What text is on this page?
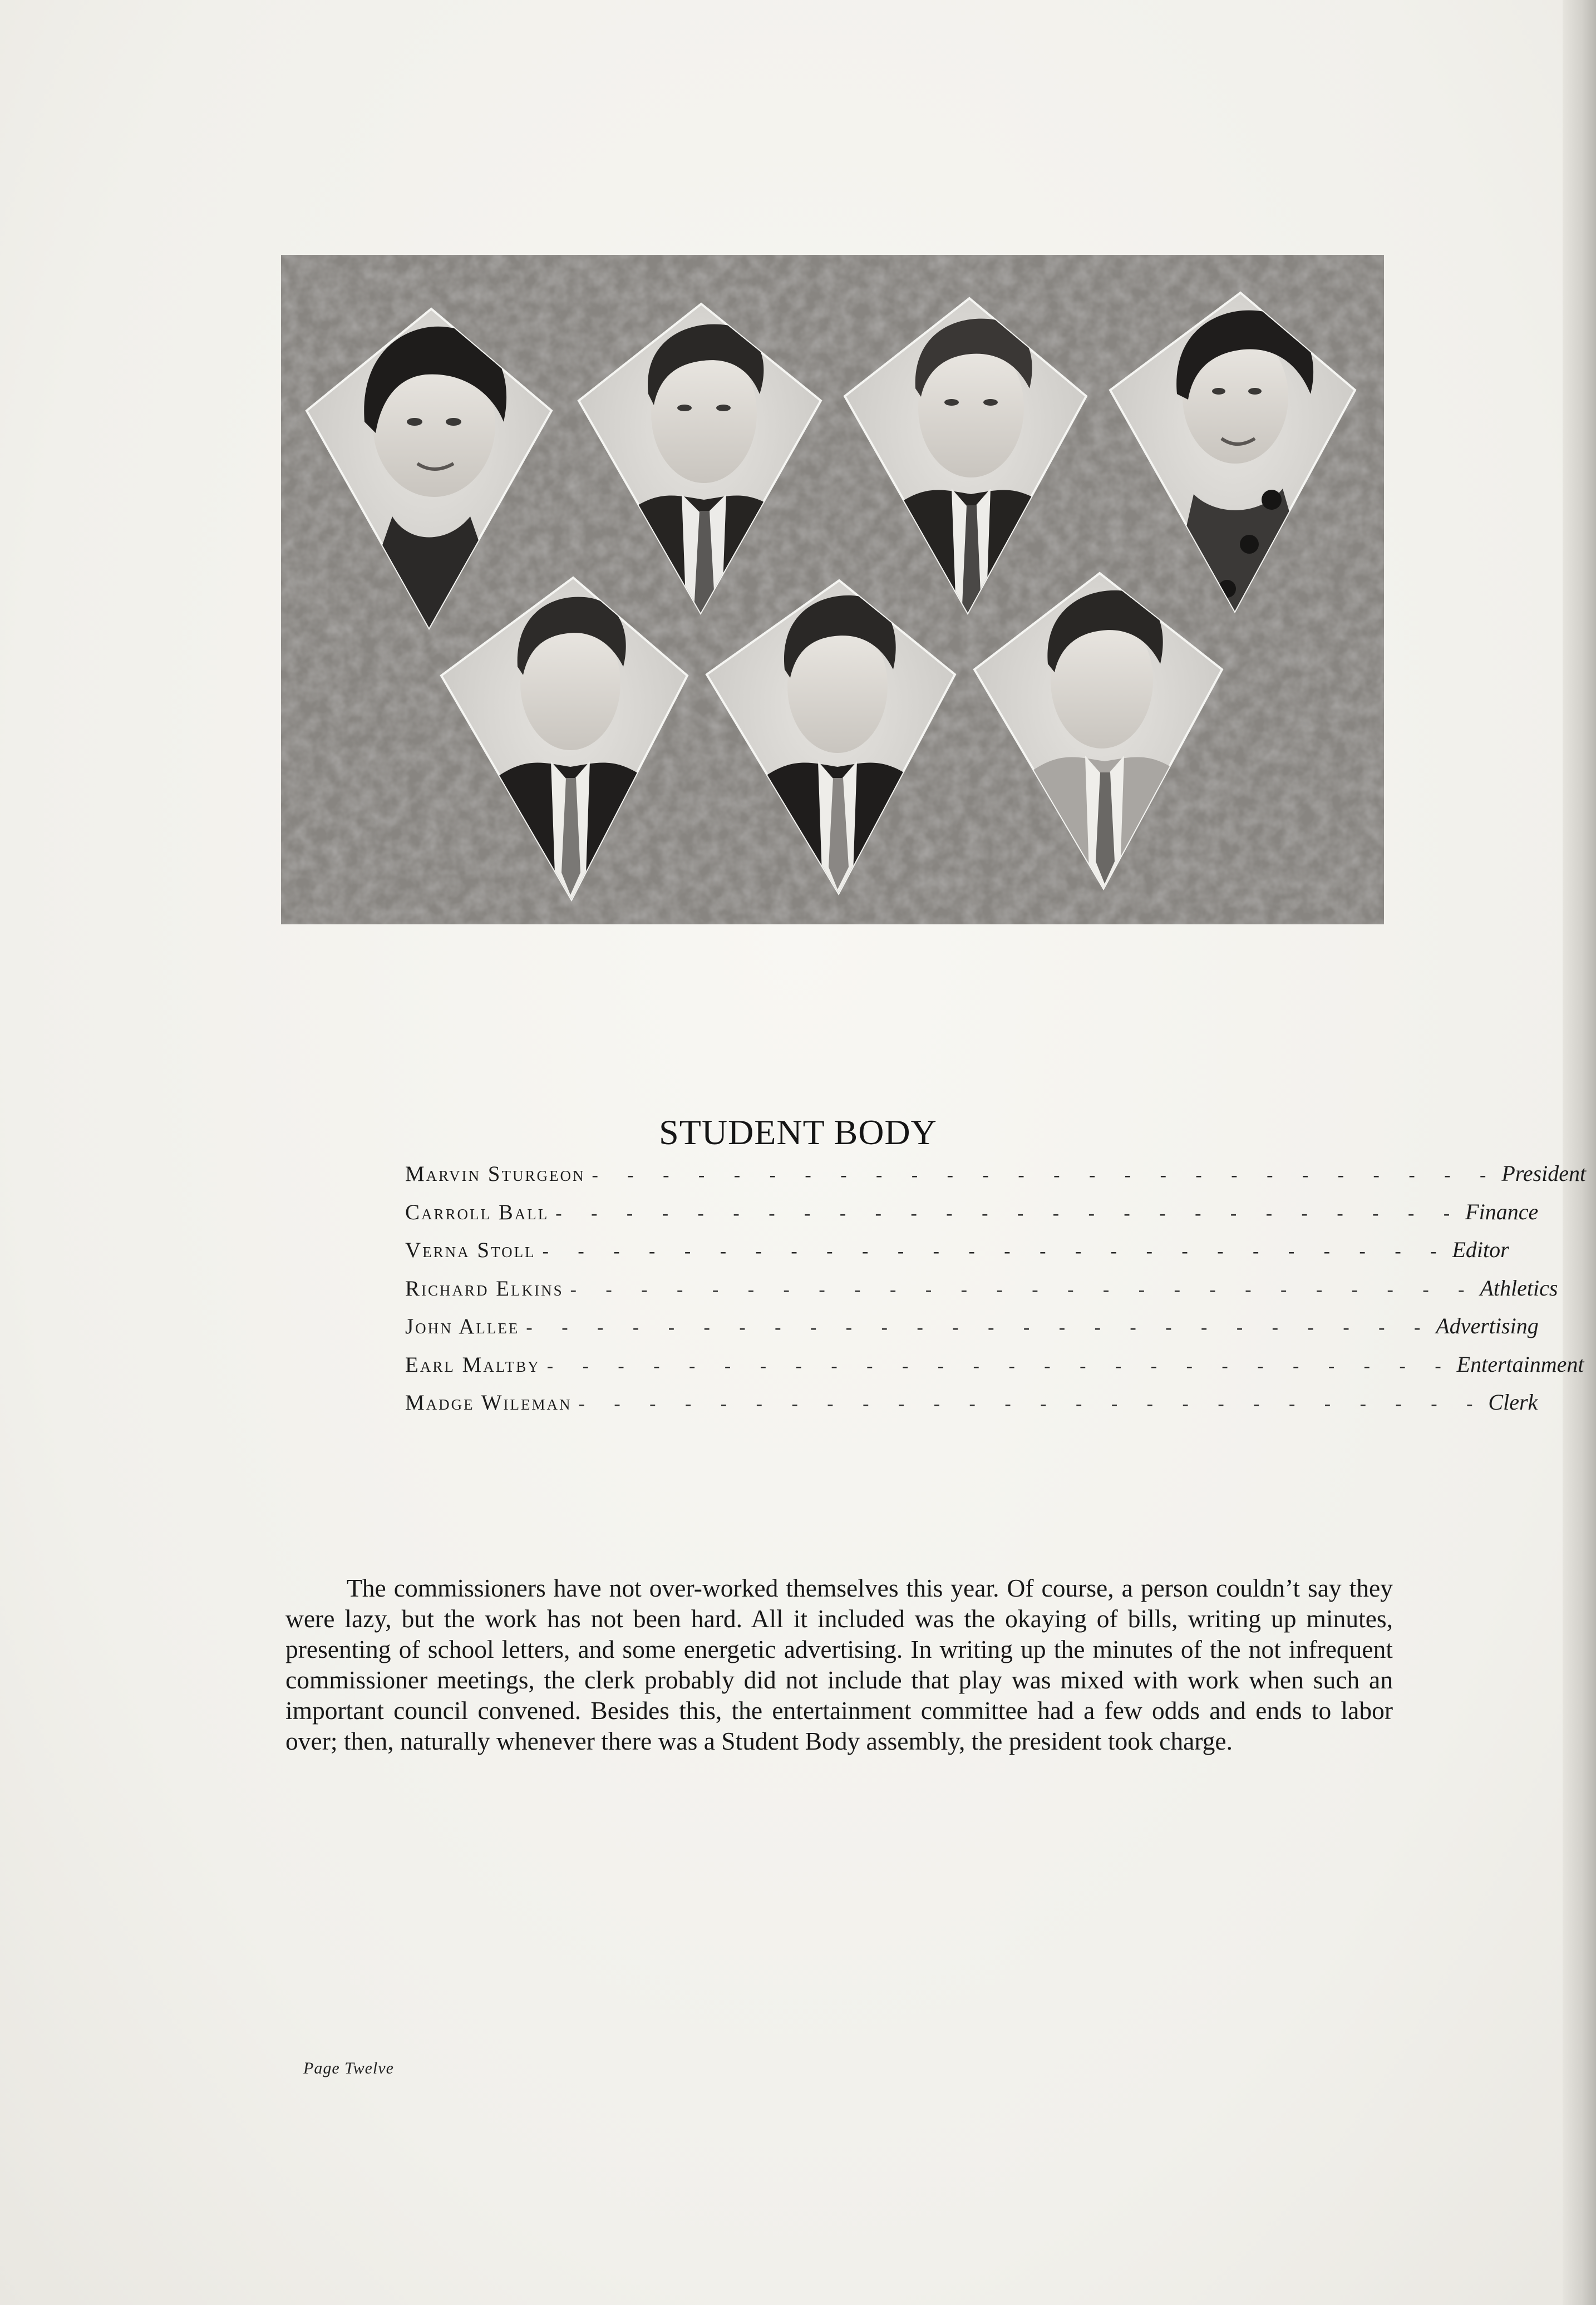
STUDENT BODY
Marvin Sturgeon - - - - - - - - - - - - - - - - - - - - - - - - - - President
Carroll Ball - - - - - - - - - - - - - - - - - - - - - - - - - - Finance
Verna Stoll - - - - - - - - - - - - - - - - - - - - - - - - - - Editor
Richard Elkins - - - - - - - - - - - - - - - - - - - - - - - - - - Athletics
John Allee - - - - - - - - - - - - - - - - - - - - - - - - - - Advertising
Earl Maltby - - - - - - - - - - - - - - - - - - - - - - - - - - Entertainment
Madge Wileman - - - - - - - - - - - - - - - - - - - - - - - - - - Clerk

The commissioners have not over-worked themselves this year. Of course, a person couldn’t say they were lazy, but the work has not been hard. All it included was the okaying of bills, writing up minutes, presenting of school letters, and some energetic advertising. In writing up the minutes of the not infrequent commissioner meetings, the clerk probably did not include that play was mixed with work when such an important council convened. Besides this, the entertainment committee had a few odds and ends to labor over; then, naturally whenever there was a Student Body assembly, the president took charge.

Page Twelve
